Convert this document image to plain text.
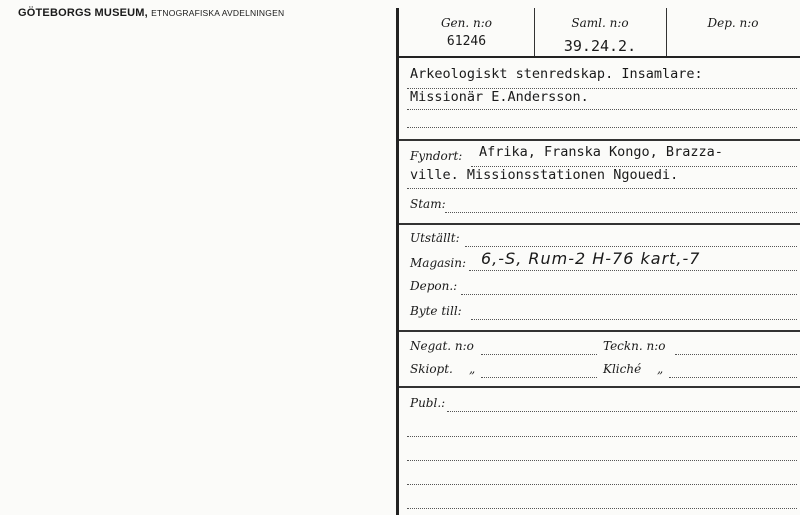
GÖTEBORGS MUSEUM, ETNOGRAFISKA AVDELNINGEN
Gen. n:o
61246
Saml. n:o
39.24.2.
Dep. n:o
Arkeologiskt stenredskap. Insamlare:
Missionär E.Andersson.
Fyndort: Afrika, Franska Kongo, Brazza-
ville. Missionsstationen Ngouedi.
Stam:
Utställt:
Magasin: 6,-S, Rum-2 H-76 kart,-7
Depon.:
Byte till:
Negat. n:o	Teckn. n:o
Skiopt. „	Kliché „
Publ.:
